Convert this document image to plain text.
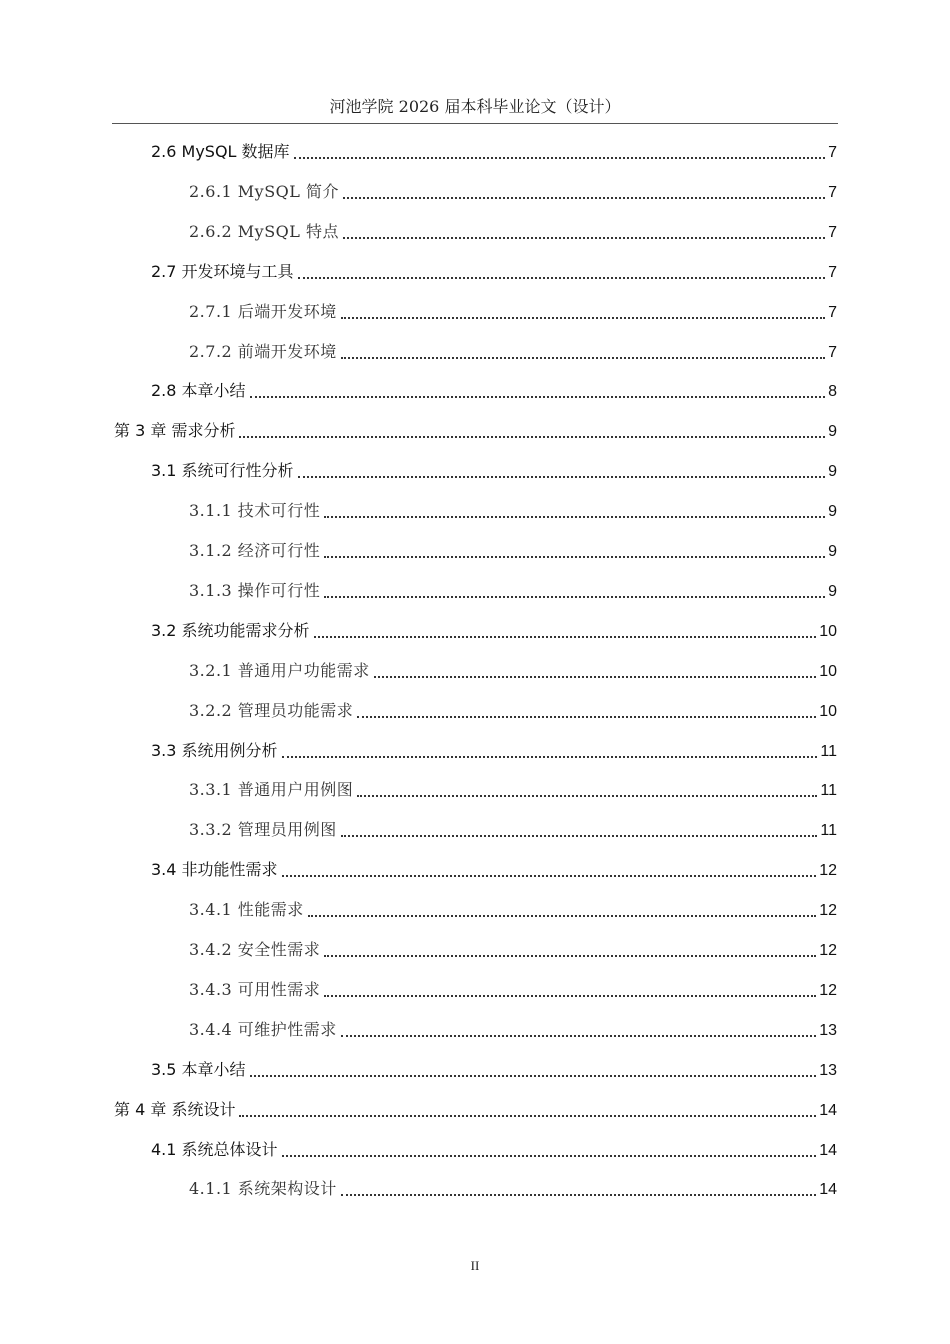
河池学院 2026 届本科毕业论文（设计）
2.6 MySQL 数据库	7
2.6.1 MySQL 简介	7
2.6.2 MySQL 特点	7
2.7 开发环境与工具	7
2.7.1 后端开发环境	7
2.7.2 前端开发环境	7
2.8 本章小结	8
第 3 章 需求分析	9
3.1 系统可行性分析	9
3.1.1 技术可行性	9
3.1.2 经济可行性	9
3.1.3 操作可行性	9
3.2 系统功能需求分析	10
3.2.1 普通用户功能需求	10
3.2.2 管理员功能需求	10
3.3 系统用例分析	11
3.3.1 普通用户用例图	11
3.3.2 管理员用例图	11
3.4 非功能性需求	12
3.4.1 性能需求	12
3.4.2 安全性需求	12
3.4.3 可用性需求	12
3.4.4 可维护性需求	13
3.5 本章小结	13
第 4 章 系统设计	14
4.1 系统总体设计	14
4.1.1 系统架构设计	14
II
